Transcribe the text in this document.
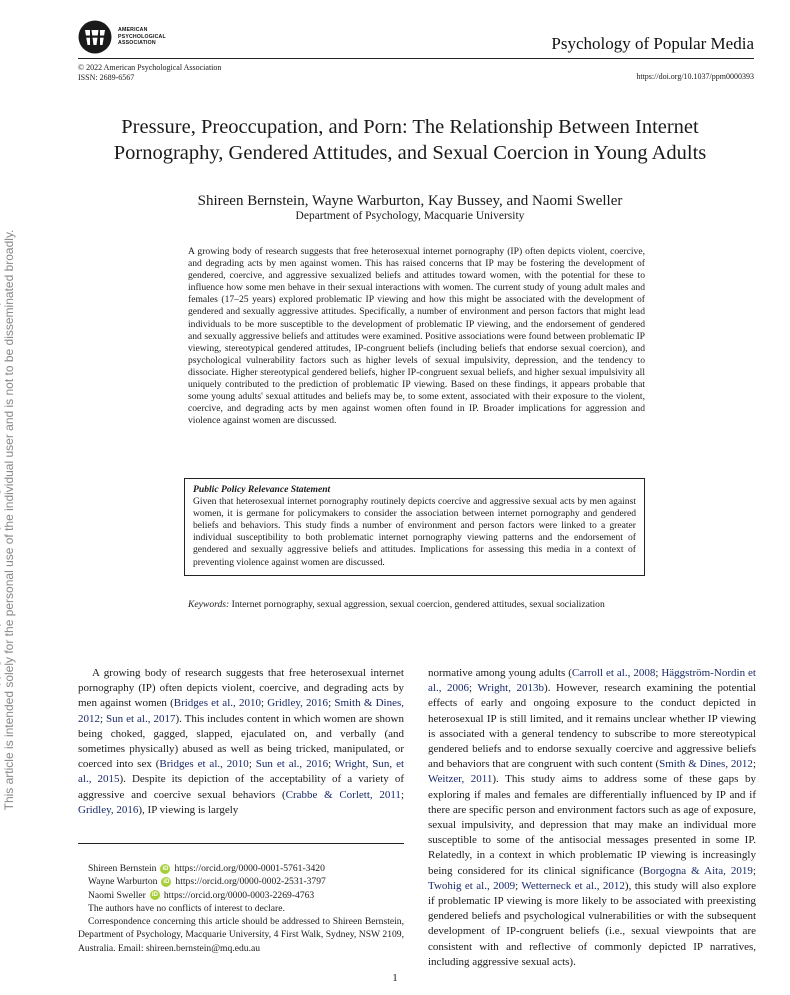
AMERICAN
PSYCHOLOGICAL
ASSOCIATION	Psychology of Popular Media
© 2022 American Psychological Association
ISSN: 2689-6567	https://doi.org/10.1037/ppm0000393
Pressure, Preoccupation, and Porn: The Relationship Between Internet
Pornography, Gendered Attitudes, and Sexual Coercion in Young Adults
Shireen Bernstein, Wayne Warburton, Kay Bussey, and Naomi Sweller
Department of Psychology, Macquarie University
A growing body of research suggests that free heterosexual internet pornography (IP) often depicts violent, coercive, and degrading acts by men against women. This has raised concerns that IP may be fostering the development of gendered, coercive, and aggressive sexualized beliefs and attitudes toward women, with the potential for these to influence how some men behave in their sexual interactions with women. The current study of young adult males and females (17–25 years) explored problematic IP viewing and how this might be associated with the development of gendered and sexually aggressive attitudes. Specifically, a number of environment and person factors that might lead individuals to be more susceptible to the development of problematic IP viewing, and the endorsement of gendered and sexually aggressive beliefs and attitudes were examined. Positive associations were found between problematic IP viewing, stereotypical gendered attitudes, IP-congruent beliefs (including beliefs that endorse sexual coercion), and psychological vulnerability factors such as higher levels of sexual impulsivity, depression, and the tendency to dissociate. Higher stereotypical gendered beliefs, higher IP-congruent sexual beliefs, and higher sexual impulsivity all uniquely contributed to the prediction of problematic IP viewing. Based on these findings, it appears probable that some young adults' sexual attitudes and beliefs may be, to some extent, associated with their exposure to the violent, coercive, and degrading acts by men against women often found in IP. Broader implications for aggression and violence against women are discussed.
Public Policy Relevance Statement
Given that heterosexual internet pornography routinely depicts coercive and aggressive sexual acts by men against women, it is germane for policymakers to consider the association between internet pornography and gendered beliefs and behaviors. This study finds a number of environment and person factors were linked to a greater individual susceptibility to both problematic internet pornography viewing patterns and the endorsement of gendered and sexually aggressive beliefs and attitudes. Implications for assessing this media in a context of preventing violence against women are discussed.
Keywords: Internet pornography, sexual aggression, sexual coercion, gendered attitudes, sexual socialization
A growing body of research suggests that free heterosexual internet pornography (IP) often depicts violent, coercive, and degrading acts by men against women (Bridges et al., 2010; Gridley, 2016; Smith & Dines, 2012; Sun et al., 2017). This includes content in which women are shown being choked, gagged, slapped, ejaculated on, and verbally (and sometimes physically) abused as well as being tricked, manipulated, or coerced into sex (Bridges et al., 2010; Sun et al., 2016; Wright, Sun, et al., 2015). Despite its depiction of the acceptability of a variety of aggressive and coercive sexual behaviors (Crabbe & Corlett, 2011; Gridley, 2016), IP viewing is largely
normative among young adults (Carroll et al., 2008; Häggström-Nordin et al., 2006; Wright, 2013b). However, research examining the potential effects of early and ongoing exposure to the conduct depicted in heterosexual IP is still limited, and it remains unclear whether IP viewing is associated with a general tendency to subscribe to more stereotypical gendered beliefs and to endorse sexually coercive and aggressive beliefs and behaviors that are congruent with such content (Smith & Dines, 2012; Weitzer, 2011). This study aims to address some of these gaps by exploring if males and females are differentially influenced by IP and if there are specific person and environment factors such as age of exposure, sexual impulsivity, and depression that may make an individual more susceptible to some of the antisocial messages presented in some IP. Relatedly, in a context in which problematic IP viewing is increasingly being considered for its clinical significance (Borgogna & Aita, 2019; Twohig et al., 2009; Wetterneck et al., 2012), this study will also explore if problematic IP viewing is more likely to be associated with preexisting gendered beliefs and psychological vulnerabilities or with the subsequent development of IP-congruent beliefs (i.e., sexual viewpoints that are consistent with and reflective of commonly depicted IP narratives, including aggressive sexual acts).
Shireen Bernstein	iD https://orcid.org/0000-0001-5761-3420
Wayne Warburton	iD https://orcid.org/0000-0002-2531-3797
Naomi Sweller	iD https://orcid.org/0000-0003-2269-4763
The authors have no conflicts of interest to declare.
Correspondence concerning this article should be addressed to Shireen Bernstein, Department of Psychology, Macquarie University, 4 First Walk, Sydney, NSW 2109, Australia. Email: shireen.bernstein@mq.edu.au
1
This article is intended solely for the personal use of the individual user and is not to be disseminated broadly.
